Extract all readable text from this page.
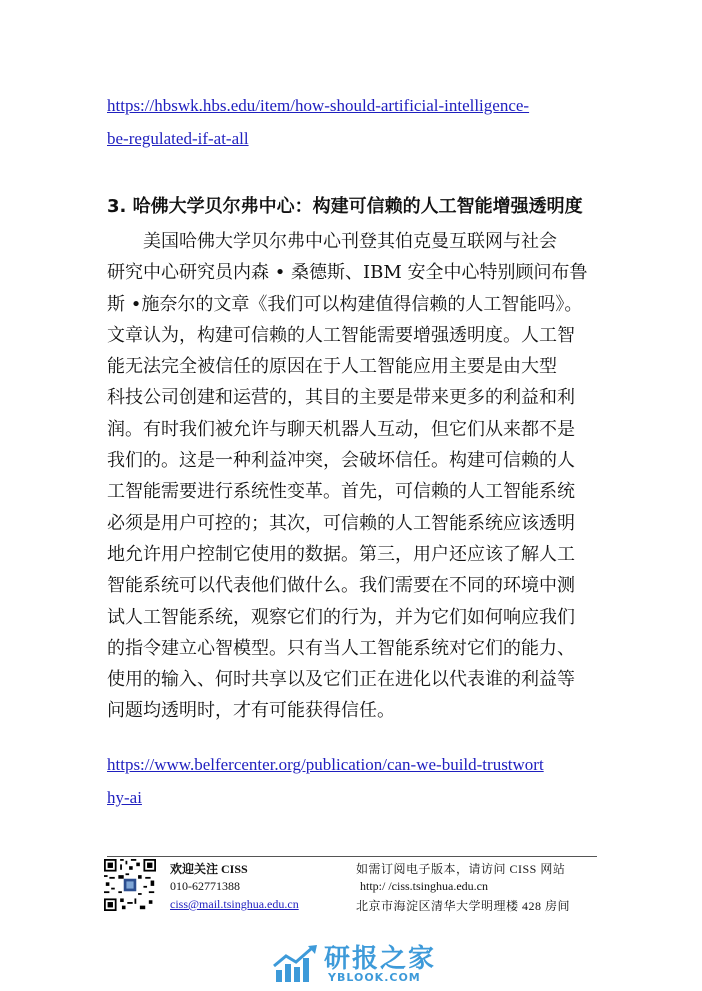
https://hbswk.hbs.edu/item/how-should-artificial-intelligence-
be-regulated-if-at-all
3. 哈佛大学贝尔弗中心：构建可信赖的人工智能增强透明度
　　美国哈佛大学贝尔弗中心刊登其伯克曼互联网与社会
研究中心研究员内森 • 桑德斯、IBM 安全中心特别顾问布鲁
斯 •施奈尔的文章《我们可以构建值得信赖的人工智能吗》。
文章认为，构建可信赖的人工智能需要增强透明度。人工智
能无法完全被信任的原因在于人工智能应用主要是由大型
科技公司创建和运营的，其目的主要是带来更多的利益和利
润。有时我们被允许与聊天机器人互动，但它们从来都不是
我们的。这是一种利益冲突，会破坏信任。构建可信赖的人
工智能需要进行系统性变革。首先，可信赖的人工智能系统
必须是用户可控的；其次，可信赖的人工智能系统应该透明
地允许用户控制它使用的数据。第三，用户还应该了解人工
智能系统可以代表他们做什么。我们需要在不同的环境中测
试人工智能系统，观察它们的行为，并为它们如何响应我们
的指令建立心智模型。只有当人工智能系统对它们的能力、
使用的输入、何时共享以及它们正在进化以代表谁的利益等
问题均透明时，才有可能获得信任。
https://www.belfercenter.org/publication/can-we-build-trustwort
hy-ai
欢迎关注 CISS
010-62771388
ciss@mail.tsinghua.edu.cn
如需订阅电子版本，请访问 CISS 网站
http:/ /ciss.tsinghua.edu.cn
北京市海淀区清华大学明理楼 428 房间
研报之家
YBLOOK.COM
